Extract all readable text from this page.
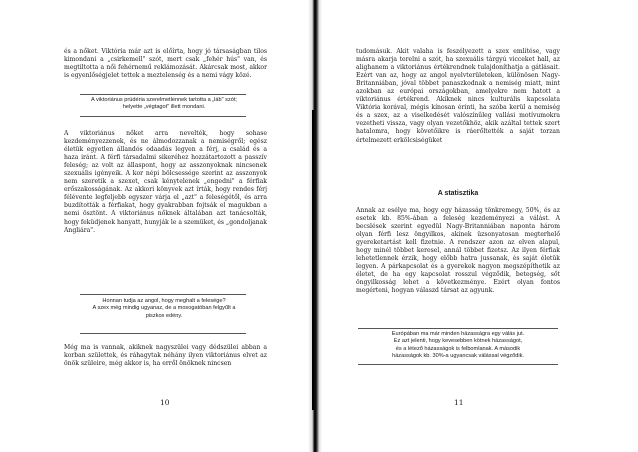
és a nőket. Viktória már azt is előírta, hogy jó társaságban tilos kimondani a „csirkemell" szót, mert csak „fehér hús" van, és megtiltotta a női fehérnemű reklámozását. Akárcsak most, akkor is egyenlőségjelet tettek a meztelenség és a nemi vágy közé.

A viktoriánus prüdéria szerelmetlennek tartotta a „láb" szót; helyette „végtagot" illett mondani.

A viktoriánus nőket arra nevelték, hogy sohase kezdeményezzenek, és ne álmodozzanak a nemiségről; egész életük egyetlen állandós odaadás legyen a férj, a család és a haza iránt. A férfi társadalmi sikeréhez hozzátartozott a passzív feleség; az volt az állaspont, hogy az asszonyoknak nincsenek szexuális igényeik. A kor népi bölcsessége szerint az asszonyok nem szeretik a szexet, csak kénytelenek „engedni" a férfiak erőszakosságának. Az akkori könyvek azt írták, hogy rendes férj félévente legfeljebb egyszer várja el „azt" a feleségétől, és arra buzdították a férfiakat, hogy gyakrabban fojtsák el magukban a nemi ösztönt. A viktoriánus nőknek általában azt tanácsolták, hogy feküdjenek hanyatt, hunyják le a szemüket, és „gondoljanak Angliára".

Honnan tudja az angol, hogy meghalt a felesége?
A szex még mindig ugyanaz, de a mosogatóban felgyűlt a piszkos edény.

Még ma is vannak, akiknek nagyszülei vagy dédszülei abban a korban születtek, és ráhagytak néhány ilyen viktoriánus elvet az önök szüleire, még akkor is, ha erről önöknek nincsen

10

tudomásuk. Akit valaha is feszélyezett a szex említése, vagy másra akarja terelni a szót, ha szexuális tárgyú vicceket hall, az alighanem a viktoriánus értékrendnek tulajdoníthatja a gátlásait. Ezért van az, hogy az angol nyelvterületeken, különösen Nagy-Britanniában, jóval többet panaszkodnak a nemiség miatt, mint azokban az európai országokban, amelyekre nem hatott a viktoriánus értékrend. Akiknek nincs kulturális kapcsolata Viktória korával, mégis kínosan érinti, ha szóba kerül a nemiség és a szex, az a viselkedését valószínűleg vallási motívumokra vezetheti vissza, vagy olyan vezetőkhöz, akik azáltal tettek szert hatalomra, hogy követőikre is ráerőltették a saját torzan értelmezett erkölcsiségüket

A statisztika

Annak az esélye ma, hogy egy házasság tönkremegy, 50%, és az esetek kb. 85%-ában a feleség kezdeményezi a válást. A becslések szerint egyedül Nagy-Britanniában naponta három olyan férfi lesz öngyilkos, akinek üzsonyatosan megterhelő gyereketartást kell fizetnie. A rendszer azon az elven alapul, hogy minél többet keresel, annál többet fizetsz. Az ilyen férfiak lehetetlennek érzik, hogy előbb hatra jussanak, és saját életük legyen. A párkapcsolat és a gyerekek nagyon megszépíthetik az életet, de ha egy kapcsolat rosszul végződik, betegség, sőt öngyilkosság lehet a következménye. Ezért olyan fontos megérteni, hogyan válaszd társat az agyunk.

Európában ma már minden házasságra egy válás jut.
Ez azt jelenti, hogy kevesebben kötnek házasságot,
és a létező házasságok is felbomlanak. A második
házasságok kb. 30%-a ugyancsak válással végződik.

11
